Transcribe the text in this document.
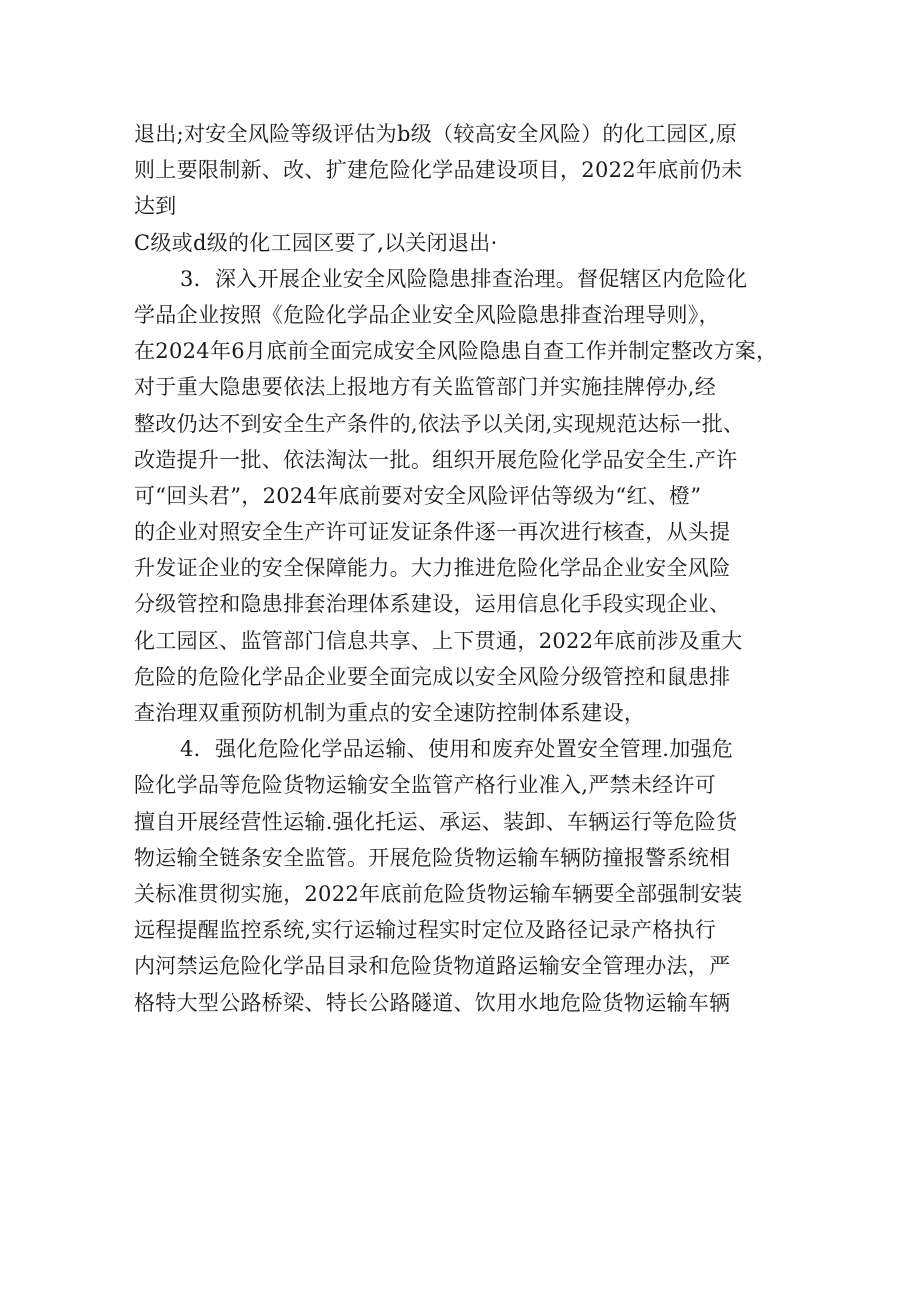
退出;对安全风险等级评估为b级（较高安全风险）的化工园区,原
则上要限制新、改、扩建危险化学品建设项目，2022年底前仍未
达到
C级或d级的化工园区要了,以关闭退出·
3．深入开展企业安全风险隐患排查治理。督促辖区内危险化
学品企业按照《危险化学品企业安全风险隐患排查治理导则》，
在2024年6月底前全面完成安全风险隐患自查工作并制定整改方案，
对于重大隐患要依法上报地方有关监管部门并实施挂牌停办,经
整改仍达不到安全生产条件的,依法予以关闭,实现规范达标一批、
改造提升一批、依法淘汰一批。组织开展危险化学品安全生.产许
可“回头君”，2024年底前要对安全风险评估等级为“红、橙”
的企业对照安全生产许可证发证条件逐一再次进行核查，从头提
升发证企业的安全保障能力。大力推进危险化学品企业安全风险
分级管控和隐患排套治理体系建设，运用信息化手段实现企业、
化工园区、监管部门信息共享、上下贯通，2022年底前涉及重大
危险的危险化学品企业要全面完成以安全风险分级管控和鼠患排
查治理双重预防机制为重点的安全速防控制体系建设，
4．强化危险化学品运输、使用和废弃处置安全管理.加强危
险化学品等危险货物运输安全监管产格行业准入,严禁未经许可
擅自开展经营性运输.强化托运、承运、装卸、车辆运行等危险货
物运输全链条安全监管。开展危险货物运输车辆防撞报警系统相
关标准贯彻实施，2022年底前危险货物运输车辆要全部强制安装
远程提醒监控系统,实行运输过程实时定位及路径记录产格执行
内河禁运危险化学品目录和危险货物道路运输安全管理办法，严
格特大型公路桥梁、特长公路隧道、饮用水地危险货物运输车辆
